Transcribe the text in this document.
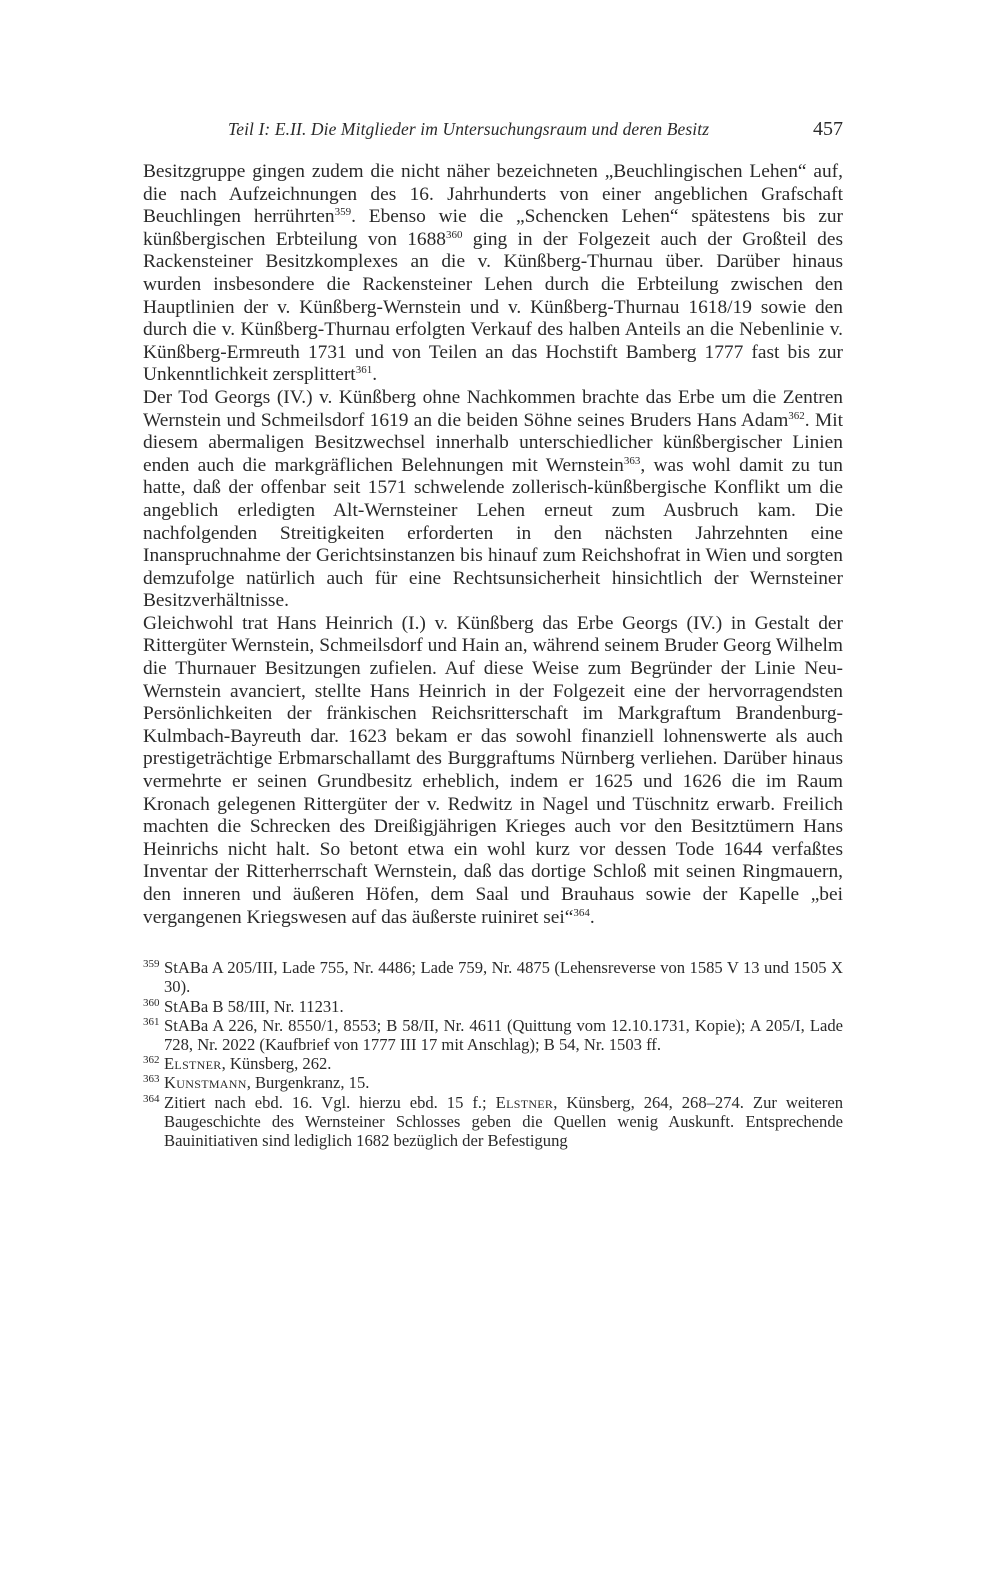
Teil I: E.II. Die Mitglieder im Untersuchungsraum und deren Besitz	457

Besitzgruppe gingen zudem die nicht näher bezeichneten „Beuchlingischen Lehen“ auf, die nach Aufzeichnungen des 16. Jahrhunderts von einer angeblichen Grafschaft Beuchlingen herrührten$^{359}$. Ebenso wie die „Schencken Lehen“ spätestens bis zur künßbergischen Erbteilung von 1688$^{360}$ ging in der Folgezeit auch der Großteil des Rackensteiner Besitzkomplexes an die v. Künßberg-Thurnau über. Darüber hinaus wurden insbesondere die Rackensteiner Lehen durch die Erbteilung zwischen den Hauptlinien der v. Künßberg-Wernstein und v. Künßberg-Thurnau 1618/19 sowie den durch die v. Künßberg-Thurnau erfolgten Verkauf des halben Anteils an die Nebenlinie v. Künßberg-Ermreuth 1731 und von Teilen an das Hochstift Bamberg 1777 fast bis zur Unkenntlichkeit zersplittert$^{361}$.

Der Tod Georgs (IV.) v. Künßberg ohne Nachkommen brachte das Erbe um die Zentren Wernstein und Schmeilsdorf 1619 an die beiden Söhne seines Bruders Hans Adam$^{362}$. Mit diesem abermaligen Besitzwechsel innerhalb unterschiedlicher künßbergischer Linien enden auch die markgräflichen Belehnungen mit Wernstein$^{363}$, was wohl damit zu tun hatte, daß der offenbar seit 1571 schwelende zollerisch-künßbergische Konflikt um die angeblich erledigten Alt-Wernsteiner Lehen erneut zum Ausbruch kam. Die nachfolgenden Streitigkeiten erforderten in den nächsten Jahrzehnten eine Inanspruchnahme der Gerichtsinstanzen bis hinauf zum Reichshofrat in Wien und sorgten demzufolge natürlich auch für eine Rechtsunsicherheit hinsichtlich der Wernsteiner Besitzverhältnisse.

Gleichwohl trat Hans Heinrich (I.) v. Künßberg das Erbe Georgs (IV.) in Gestalt der Rittergüter Wernstein, Schmeilsdorf und Hain an, während seinem Bruder Georg Wilhelm die Thurnauer Besitzungen zufielen. Auf diese Weise zum Begründer der Linie Neu-Wernstein avanciert, stellte Hans Heinrich in der Folgezeit eine der hervorragendsten Persönlichkeiten der fränkischen Reichsritterschaft im Markgraftum Brandenburg-Kulmbach-Bayreuth dar. 1623 bekam er das sowohl finanziell lohnenswerte als auch prestigeträchtige Erbmarschallamt des Burggraftums Nürnberg verliehen. Darüber hinaus vermehrte er seinen Grundbesitz erheblich, indem er 1625 und 1626 die im Raum Kronach gelegenen Rittergüter der v. Redwitz in Nagel und Tüschnitz erwarb. Freilich machten die Schrecken des Dreißigjährigen Krieges auch vor den Besitztümern Hans Heinrichs nicht halt. So betont etwa ein wohl kurz vor dessen Tode 1644 verfaßtes Inventar der Ritterherrschaft Wernstein, daß das dortige Schloß mit seinen Ringmauern, den inneren und äußeren Höfen, dem Saal und Brauhaus sowie der Kapelle „bei vergangenen Kriegswesen auf das äußerste ruiniret sei“$^{364}$.

359 StABa A 205/III, Lade 755, Nr. 4486; Lade 759, Nr. 4875 (Lehensreverse von 1585 V 13 und 1505 X 30).
360 StABa B 58/III, Nr. 11231.
361 StABa A 226, Nr. 8550/1, 8553; B 58/II, Nr. 4611 (Quittung vom 12.10.1731, Kopie); A 205/I, Lade 728, Nr. 2022 (Kaufbrief von 1777 III 17 mit Anschlag); B 54, Nr. 1503 ff.
362 Elstner, Künsberg, 262.
363 Kunstmann, Burgenkranz, 15.
364 Zitiert nach ebd. 16. Vgl. hierzu ebd. 15 f.; Elstner, Künsberg, 264, 268–274. Zur weiteren Baugeschichte des Wernsteiner Schlosses geben die Quellen wenig Auskunft. Entsprechende Bauinitiativen sind lediglich 1682 bezüglich der Befestigung
